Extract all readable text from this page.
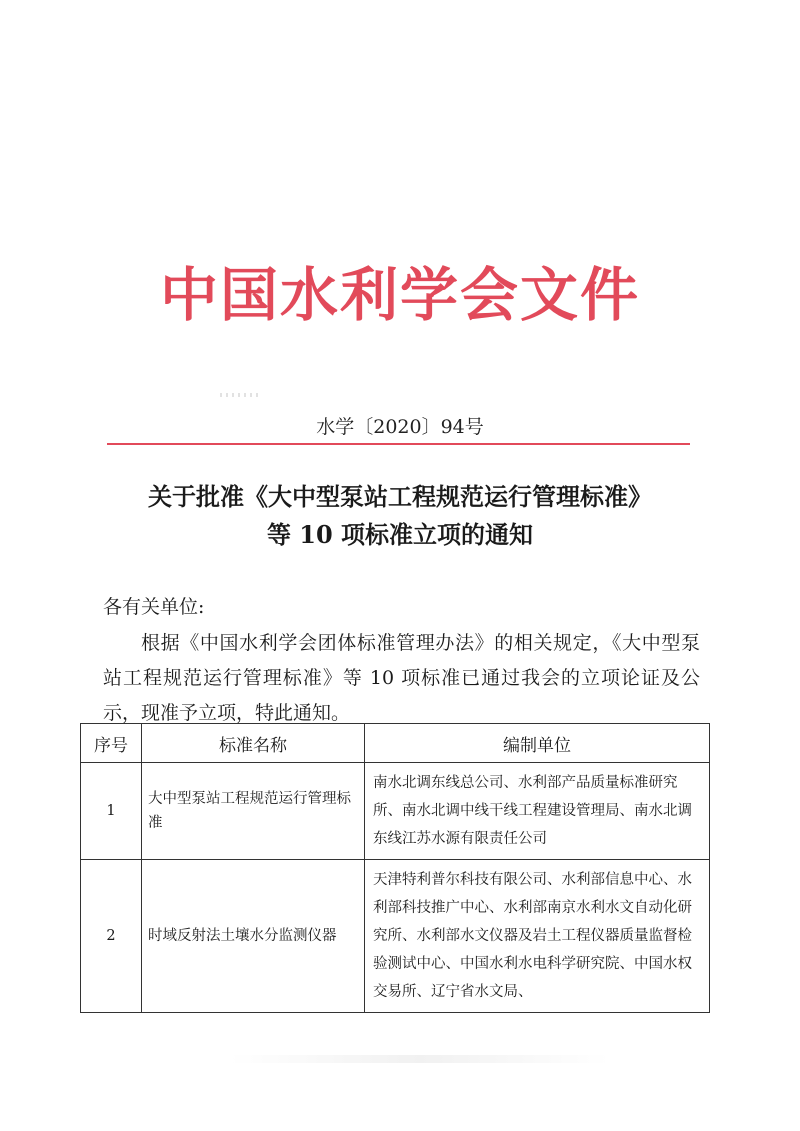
中国水利学会文件
水学〔2020〕94号
关于批准《大中型泵站工程规范运行管理标准》
等 10 项标准立项的通知
各有关单位:
根据《中国水利学会团体标准管理办法》的相关规定，《大中型泵站工程规范运行管理标准》等 10 项标准已通过我会的立项论证及公示，现准予立项，特此通知。
序号	标准名称	编制单位
1	大中型泵站工程规范运行管理标准	南水北调东线总公司、水利部产品质量标准研究所、南水北调中线干线工程建设管理局、南水北调东线江苏水源有限责任公司
2	时域反射法土壤水分监测仪器	天津特利普尔科技有限公司、水利部信息中心、水利部科技推广中心、水利部南京水利水文自动化研究所、水利部水文仪器及岩土工程仪器质量监督检验测试中心、中国水利水电科学研究院、中国水权交易所、辽宁省水文局、
